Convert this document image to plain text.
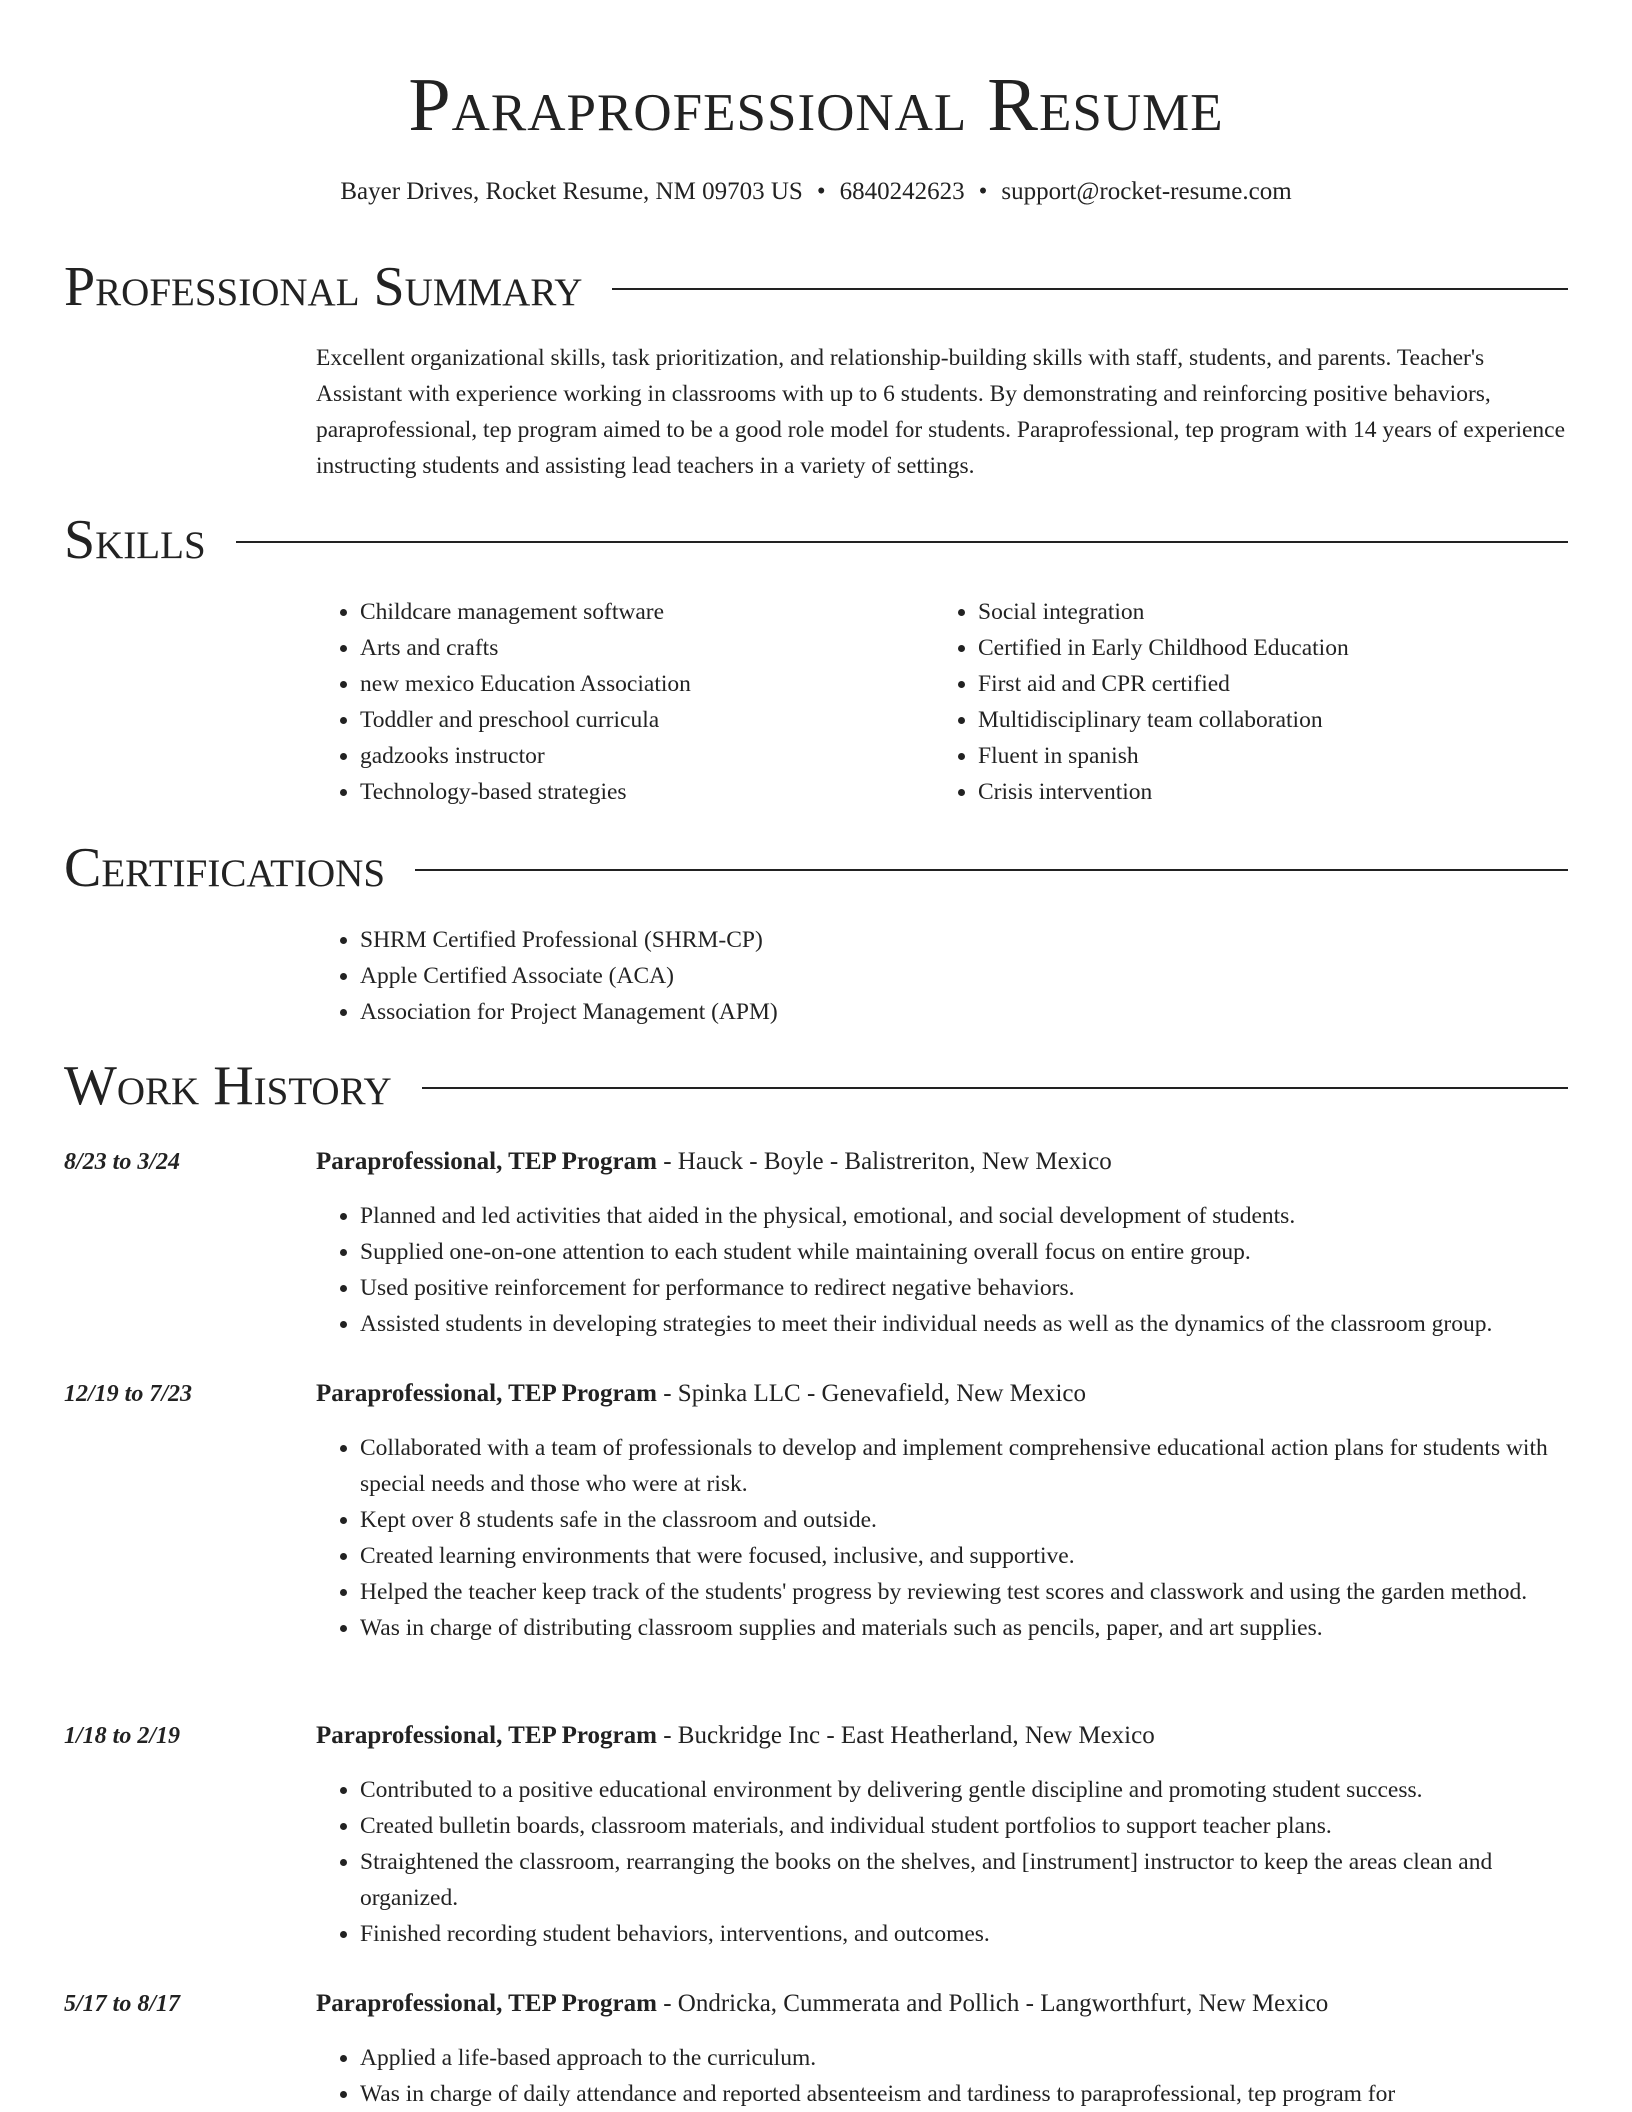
Paraprofessional Resume
Bayer Drives, Rocket Resume, NM 09703 US • 6840242623 • support@rocket-resume.com
Professional Summary

Excellent organizational skills, task prioritization, and relationship-building skills with staff, students, and parents. Teacher's Assistant with experience working in classrooms with up to 6 students. By demonstrating and reinforcing positive behaviors, paraprofessional, tep program aimed to be a good role model for students. Paraprofessional, tep program with 14 years of experience instructing students and assisting lead teachers in a variety of settings.

Skills
• Childcare management software
• Arts and crafts
• new mexico Education Association
• Toddler and preschool curricula
• gadzooks instructor
• Technology-based strategies
• Social integration
• Certified in Early Childhood Education
• First aid and CPR certified
• Multidisciplinary team collaboration
• Fluent in spanish
• Crisis intervention
Certifications
• SHRM Certified Professional (SHRM-CP)
• Apple Certified Associate (ACA)
• Association for Project Management (APM)
Work History
8/23 to 3/24	Paraprofessional, TEP Program - Hauck - Boyle - Balistreriton, New Mexico
• Planned and led activities that aided in the physical, emotional, and social development of students.
• Supplied one-on-one attention to each student while maintaining overall focus on entire group.
• Used positive reinforcement for performance to redirect negative behaviors.
• Assisted students in developing strategies to meet their individual needs as well as the dynamics of the classroom group.
12/19 to 7/23	Paraprofessional, TEP Program - Spinka LLC - Genevafield, New Mexico
• Collaborated with a team of professionals to develop and implement comprehensive educational action plans for students with special needs and those who were at risk.
• Kept over 8 students safe in the classroom and outside.
• Created learning environments that were focused, inclusive, and supportive.
• Helped the teacher keep track of the students' progress by reviewing test scores and classwork and using the garden method.
• Was in charge of distributing classroom supplies and materials such as pencils, paper, and art supplies.
1/18 to 2/19	Paraprofessional, TEP Program - Buckridge Inc - East Heatherland, New Mexico
• Contributed to a positive educational environment by delivering gentle discipline and promoting student success.
• Created bulletin boards, classroom materials, and individual student portfolios to support teacher plans.
• Straightened the classroom, rearranging the books on the shelves, and [instrument] instructor to keep the areas clean and organized.
• Finished recording student behaviors, interventions, and outcomes.
5/17 to 8/17	Paraprofessional, TEP Program - Ondricka, Cummerata and Pollich - Langworthfurt, New Mexico
• Applied a life-based approach to the curriculum.
• Was in charge of daily attendance and reported absenteeism and tardiness to paraprofessional, tep program for
